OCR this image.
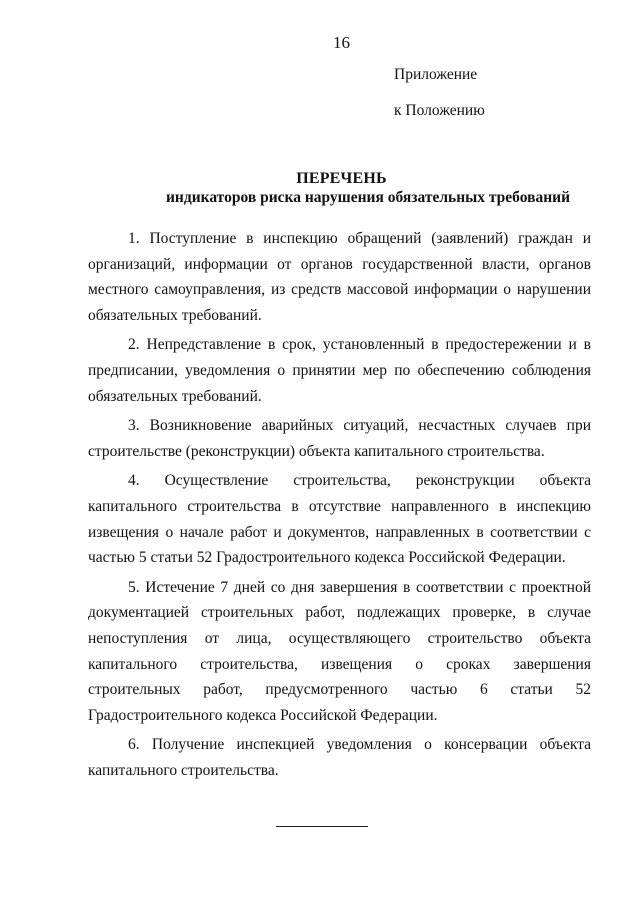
16
Приложение
к Положению
ПЕРЕЧЕНЬ
индикаторов риска нарушения обязательных требований

1. Поступление в инспекцию обращений (заявлений) граждан и организаций, информации от органов государственной власти, органов местного самоуправления, из средств массовой информации о нарушении обязательных требований.

2. Непредставление в срок, установленный в предостережении и в предписании, уведомления о принятии мер по обеспечению соблюдения обязательных требований.

3. Возникновение аварийных ситуаций, несчастных случаев при строительстве (реконструкции) объекта капитального строительства.

4. Осуществление строительства, реконструкции объекта капитального строительства в отсутствие направленного в инспекцию извещения о начале работ и документов, направленных в соответствии с частью 5 статьи 52 Градостроительного кодекса Российской Федерации.

5. Истечение 7 дней со дня завершения в соответствии с проектной документацией строительных работ, подлежащих проверке, в случае непоступления от лица, осуществляющего строительство объекта капитального строительства, извещения о сроках завершения строительных работ, предусмотренного частью 6 статьи 52 Градостроительного кодекса Российской Федерации.

6. Получение инспекцией уведомления о консервации объекта капитального строительства.
